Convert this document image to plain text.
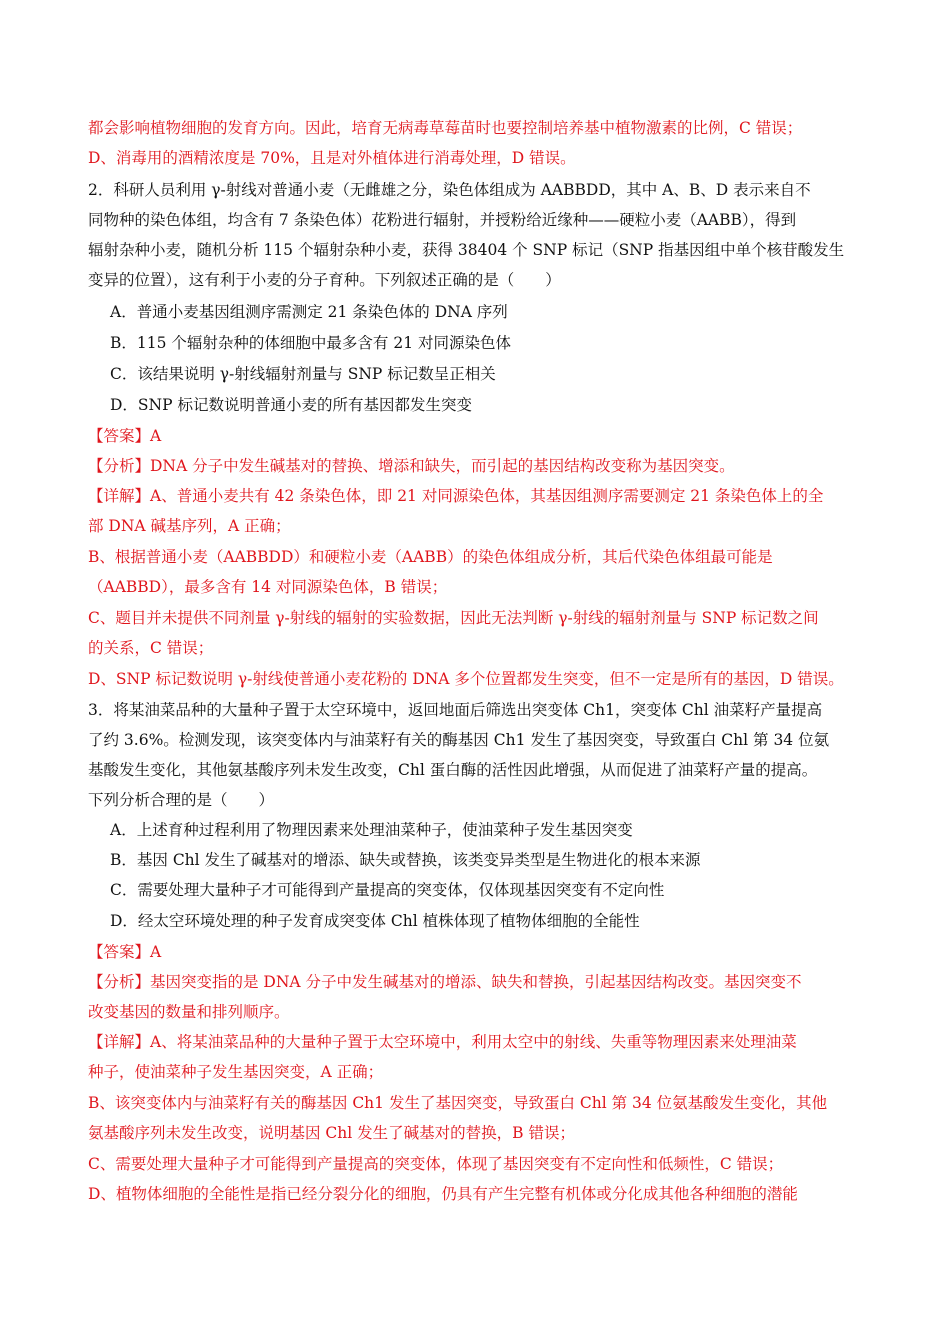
都会影响植物细胞的发育方向。因此，培育无病毒草莓苗时也要控制培养基中植物激素的比例，C 错误；
D、消毒用的酒精浓度是 70%，且是对外植体进行消毒处理，D 错误。
2．科研人员利用 γ-射线对普通小麦（无雌雄之分，染色体组成为 AABBDD，其中 A、B、D 表示来自不
同物种的染色体组，均含有 7 条染色体）花粉进行辐射，并授粉给近缘种——硬粒小麦（AABB），得到
辐射杂种小麦，随机分析 115 个辐射杂种小麦，获得 38404 个 SNP 标记（SNP 指基因组中单个核苷酸发生
变异的位置），这有利于小麦的分子育种。下列叙述正确的是（　　）
A．普通小麦基因组测序需测定 21 条染色体的 DNA 序列
B．115 个辐射杂种的体细胞中最多含有 21 对同源染色体
C．该结果说明 γ-射线辐射剂量与 SNP 标记数呈正相关
D．SNP 标记数说明普通小麦的所有基因都发生突变
【答案】A
【分析】DNA 分子中发生碱基对的替换、增添和缺失，而引起的基因结构改变称为基因突变。
【详解】A、普通小麦共有 42 条染色体，即 21 对同源染色体，其基因组测序需要测定 21 条染色体上的全
部 DNA 碱基序列，A 正确；
B、根据普通小麦（AABBDD）和硬粒小麦（AABB）的染色体组成分析，其后代染色体组最可能是
（AABBD），最多含有 14 对同源染色体，B 错误；
C、题目并未提供不同剂量 γ-射线的辐射的实验数据，因此无法判断 γ-射线的辐射剂量与 SNP 标记数之间
的关系，C 错误；
D、SNP 标记数说明 γ-射线使普通小麦花粉的 DNA 多个位置都发生突变，但不一定是所有的基因，D 错误。
3．将某油菜品种的大量种子置于太空环境中，返回地面后筛选出突变体 Ch1，突变体 Chl 油菜籽产量提高
了约 3.6%。检测发现，该突变体内与油菜籽有关的酶基因 Ch1 发生了基因突变，导致蛋白 Chl 第 34 位氨
基酸发生变化，其他氨基酸序列未发生改变，Chl 蛋白酶的活性因此增强，从而促进了油菜籽产量的提高。
下列分析合理的是（　　）
A．上述育种过程利用了物理因素来处理油菜种子，使油菜种子发生基因突变
B．基因 Chl 发生了碱基对的增添、缺失或替换，该类变异类型是生物进化的根本来源
C．需要处理大量种子才可能得到产量提高的突变体，仅体现基因突变有不定向性
D．经太空环境处理的种子发育成突变体 Chl 植株体现了植物体细胞的全能性
【答案】A
【分析】基因突变指的是 DNA 分子中发生碱基对的增添、缺失和替换，引起基因结构改变。基因突变不
改变基因的数量和排列顺序。
【详解】A、将某油菜品种的大量种子置于太空环境中，利用太空中的射线、失重等物理因素来处理油菜
种子，使油菜种子发生基因突变，A 正确；
B、该突变体内与油菜籽有关的酶基因 Ch1 发生了基因突变，导致蛋白 Chl 第 34 位氨基酸发生变化，其他
氨基酸序列未发生改变，说明基因 Chl 发生了碱基对的替换，B 错误；
C、需要处理大量种子才可能得到产量提高的突变体，体现了基因突变有不定向性和低频性，C 错误；
D、植物体细胞的全能性是指已经分裂分化的细胞，仍具有产生完整有机体或分化成其他各种细胞的潜能
